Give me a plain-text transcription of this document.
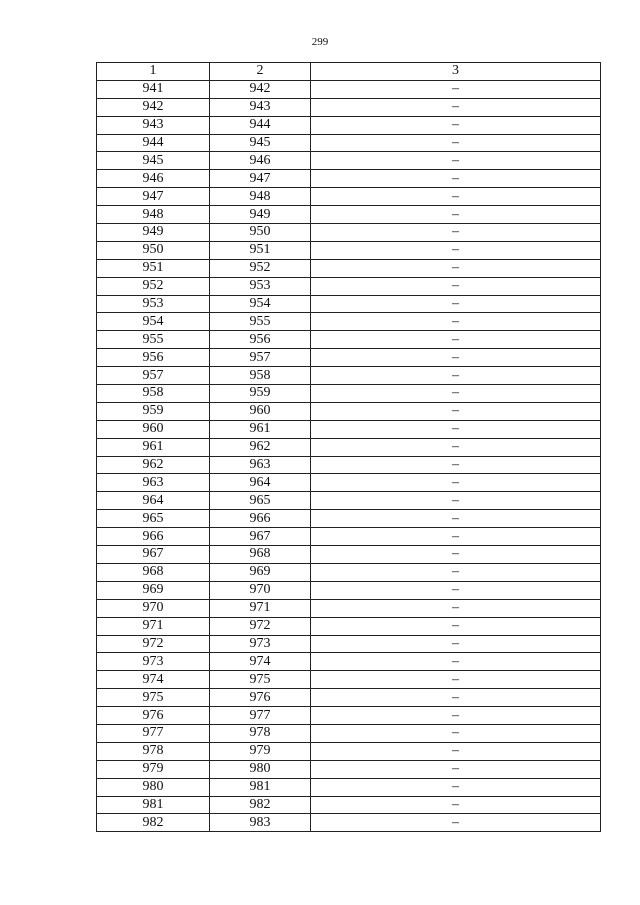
299
1	2	3
941	942	–
942	943	–
943	944	–
944	945	–
945	946	–
946	947	–
947	948	–
948	949	–
949	950	–
950	951	–
951	952	–
952	953	–
953	954	–
954	955	–
955	956	–
956	957	–
957	958	–
958	959	–
959	960	–
960	961	–
961	962	–
962	963	–
963	964	–
964	965	–
965	966	–
966	967	–
967	968	–
968	969	–
969	970	–
970	971	–
971	972	–
972	973	–
973	974	–
974	975	–
975	976	–
976	977	–
977	978	–
978	979	–
979	980	–
980	981	–
981	982	–
982	983	–
